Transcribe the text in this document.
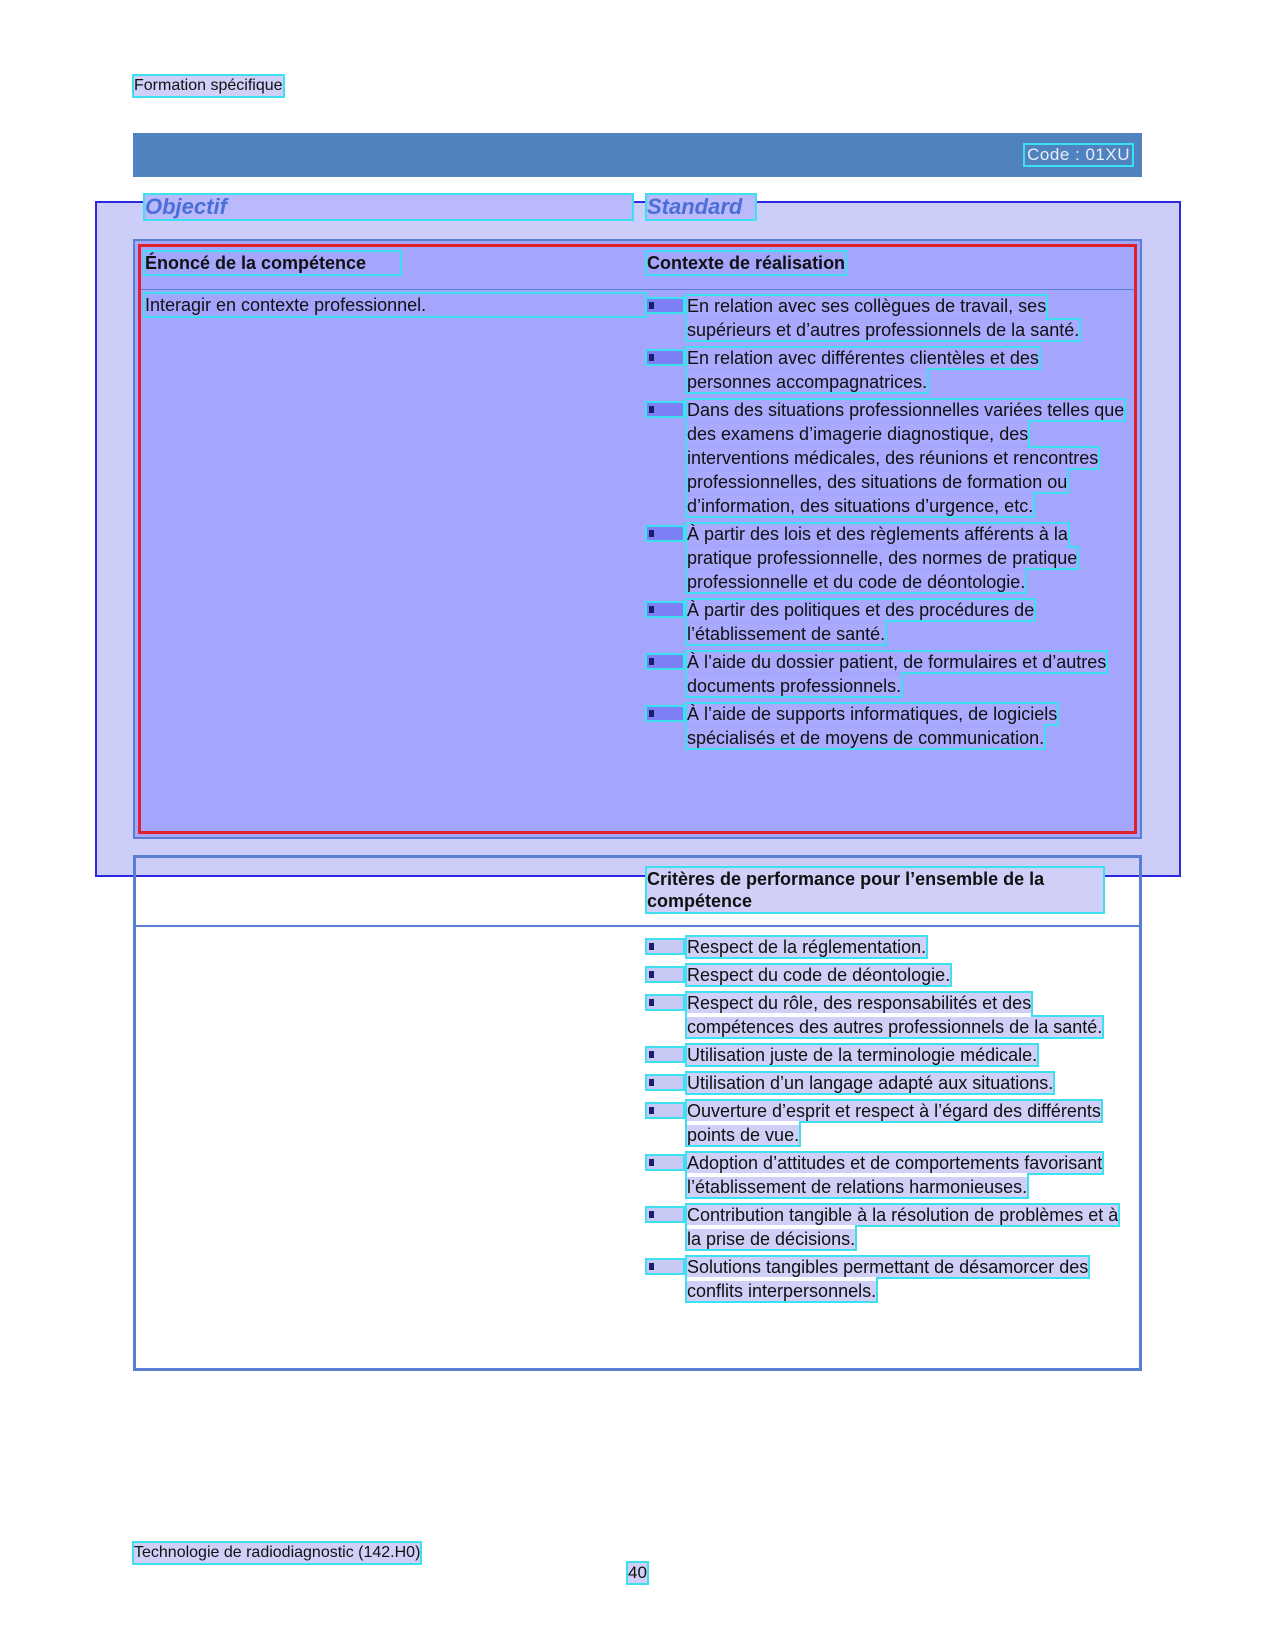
Formation spécifique
Code : 01XU
Objectif	Standard
Énoncé de la compétence	Contexte de réalisation
Interagir en contexte professionnel.	En relation avec ses collègues de travail, ses supérieurs et d’autres professionnels de la santé.
En relation avec différentes clientèles et des personnes accompagnatrices.
Dans des situations professionnelles variées telles que des examens d’imagerie diagnostique, des interventions médicales, des réunions et rencontres professionnelles, des situations de formation ou d’information, des situations d’urgence, etc.
À partir des lois et des règlements afférents à la pratique professionnelle, des normes de pratique professionnelle et du code de déontologie.
À partir des politiques et des procédures de l’établissement de santé.
À l’aide du dossier patient, de formulaires et d’autres documents professionnels.
À l’aide de supports informatiques, de logiciels spécialisés et de moyens de communication.
Critères de performance pour l’ensemble de la compétence
Respect de la réglementation.
Respect du code de déontologie.
Respect du rôle, des responsabilités et des compétences des autres professionnels de la santé.
Utilisation juste de la terminologie médicale.
Utilisation d’un langage adapté aux situations.
Ouverture d’esprit et respect à l’égard des différents points de vue.
Adoption d’attitudes et de comportements favorisant l’établissement de relations harmonieuses.
Contribution tangible à la résolution de problèmes et à la prise de décisions.
Solutions tangibles permettant de désamorcer des conflits interpersonnels.
Technologie de radiodiagnostic (142.H0)
40
